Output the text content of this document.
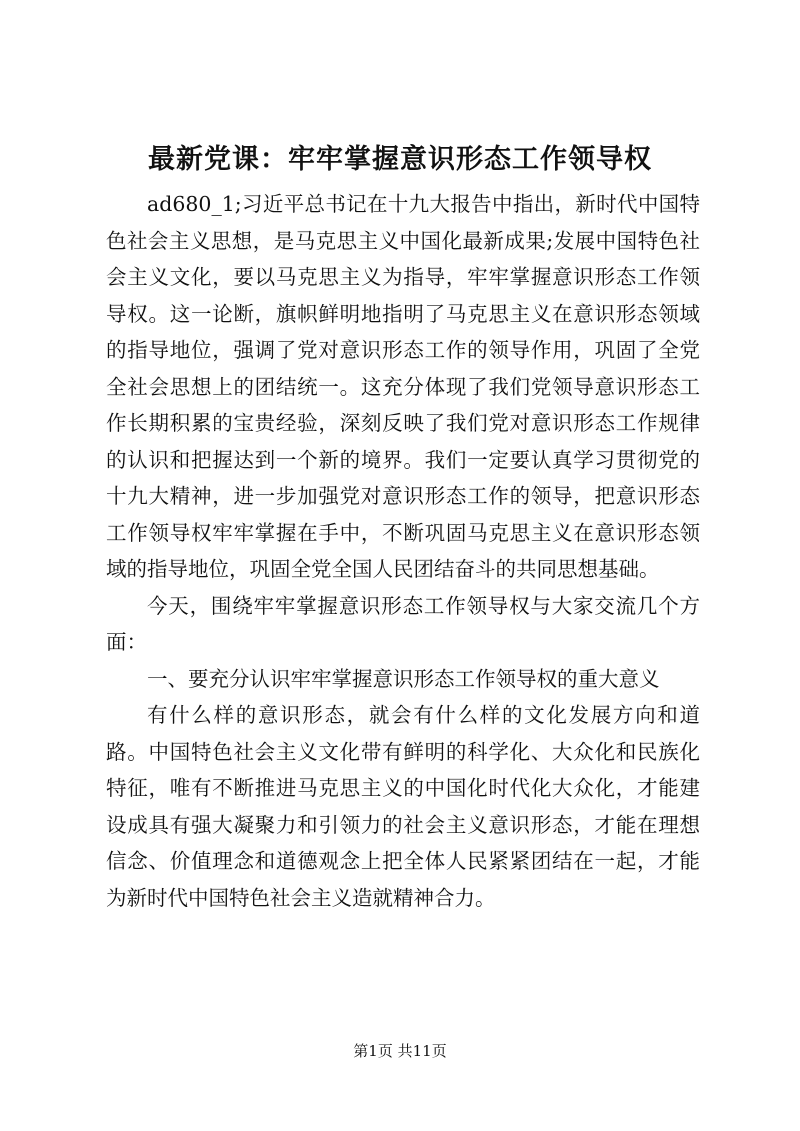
最新党课：牢牢掌握意识形态工作领导权

ad680_1;习近平总书记在十九大报告中指出，新时代中国特色社会主义思想，是马克思主义中国化最新成果;发展中国特色社会主义文化，要以马克思主义为指导，牢牢掌握意识形态工作领导权。这一论断，旗帜鲜明地指明了马克思主义在意识形态领域的指导地位，强调了党对意识形态工作的领导作用，巩固了全党全社会思想上的团结统一。这充分体现了我们党领导意识形态工作长期积累的宝贵经验，深刻反映了我们党对意识形态工作规律的认识和把握达到一个新的境界。我们一定要认真学习贯彻党的十九大精神，进一步加强党对意识形态工作的领导，把意识形态工作领导权牢牢掌握在手中，不断巩固马克思主义在意识形态领域的指导地位，巩固全党全国人民团结奋斗的共同思想基础。

今天，围绕牢牢掌握意识形态工作领导权与大家交流几个方面：

一、要充分认识牢牢掌握意识形态工作领导权的重大意义

有什么样的意识形态，就会有什么样的文化发展方向和道路。中国特色社会主义文化带有鲜明的科学化、大众化和民族化特征，唯有不断推进马克思主义的中国化时代化大众化，才能建设成具有强大凝聚力和引领力的社会主义意识形态，才能在理想信念、价值理念和道德观念上把全体人民紧紧团结在一起，才能为新时代中国特色社会主义造就精神合力。

第1页 共11页
